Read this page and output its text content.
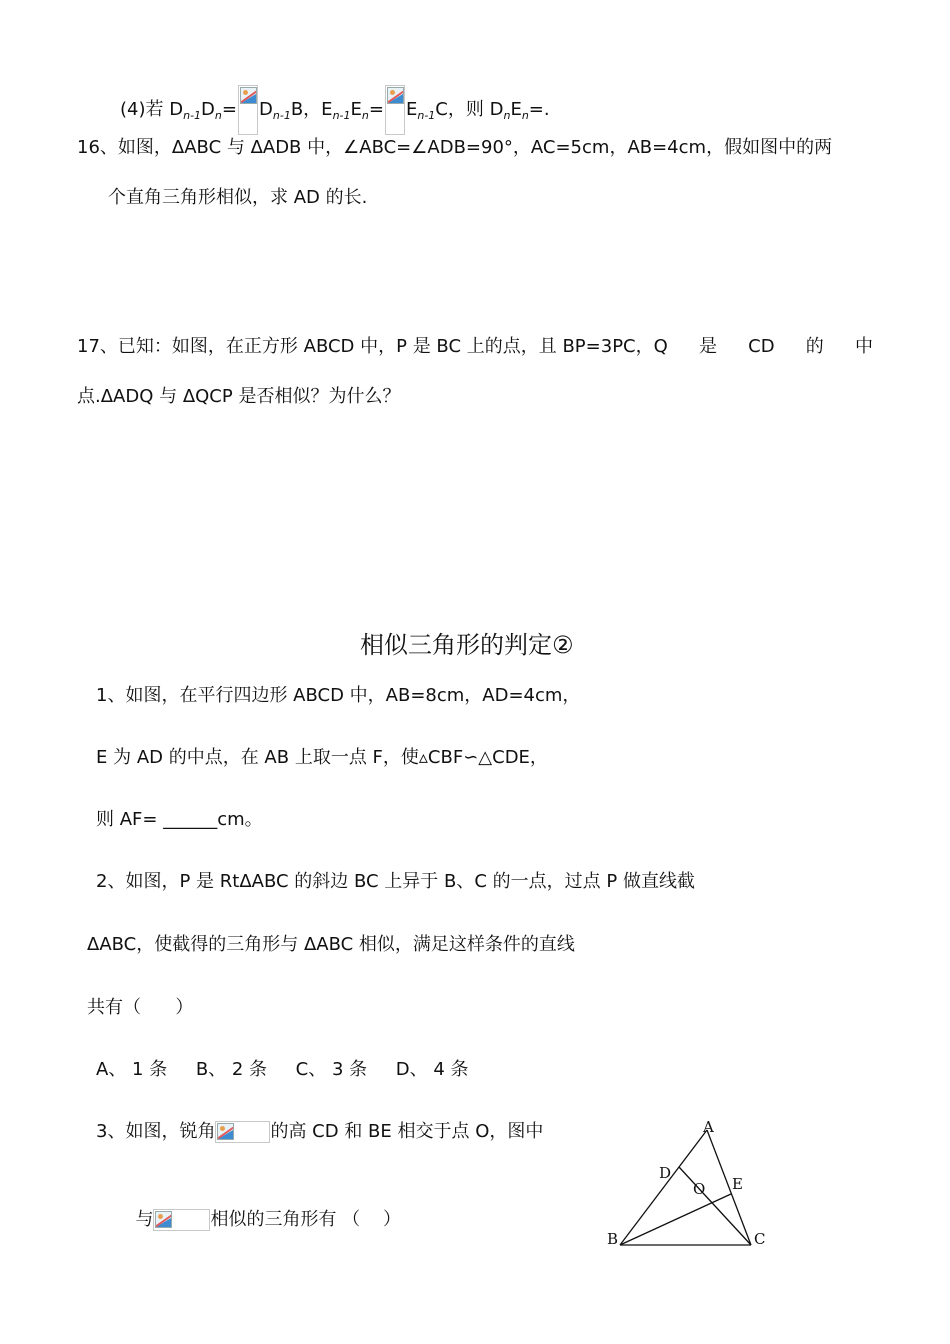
(4)若 $D_{n-1}D_n= D_{n-1}B$，$E_{n-1}E_n= E_{n-1}C$，则 $D_nE_n=$.
16、如图，ΔABC 与 ΔADB 中，∠ABC=∠ADB=90°，AC=5cm，AB=4cm，假如图中的两
个直角三角形相似，求 AD 的长.
17、已知：如图，在正方形 ABCD 中，P 是 BC 上的点，且 BP=3PC，Q 是 CD 的 中
点.ΔADQ 与 ΔQCP 是否相似？为什么？
相似三角形的判定②
1、如图，在平行四边形 ABCD 中，AB=8cm，AD=4cm，
E 为 AD 的中点，在 AB 上取一点 F，使▵CBF∽△CDE，
则 AF= ______cm。
2、如图，P 是 RtΔABC 的斜边 BC 上异于 B、C 的一点，过点 P 做直线截
ΔABC，使截得的三角形与 ΔABC 相似，满足这样条件的直线
共有（      ）
A、 1 条     B、 2 条     C、 3 条     D、 4 条
3、如图，锐角	的高 CD 和 BE 相交于点 O，图中

与	相似的三角形有 （    ）

A
B	C
D
E
O
